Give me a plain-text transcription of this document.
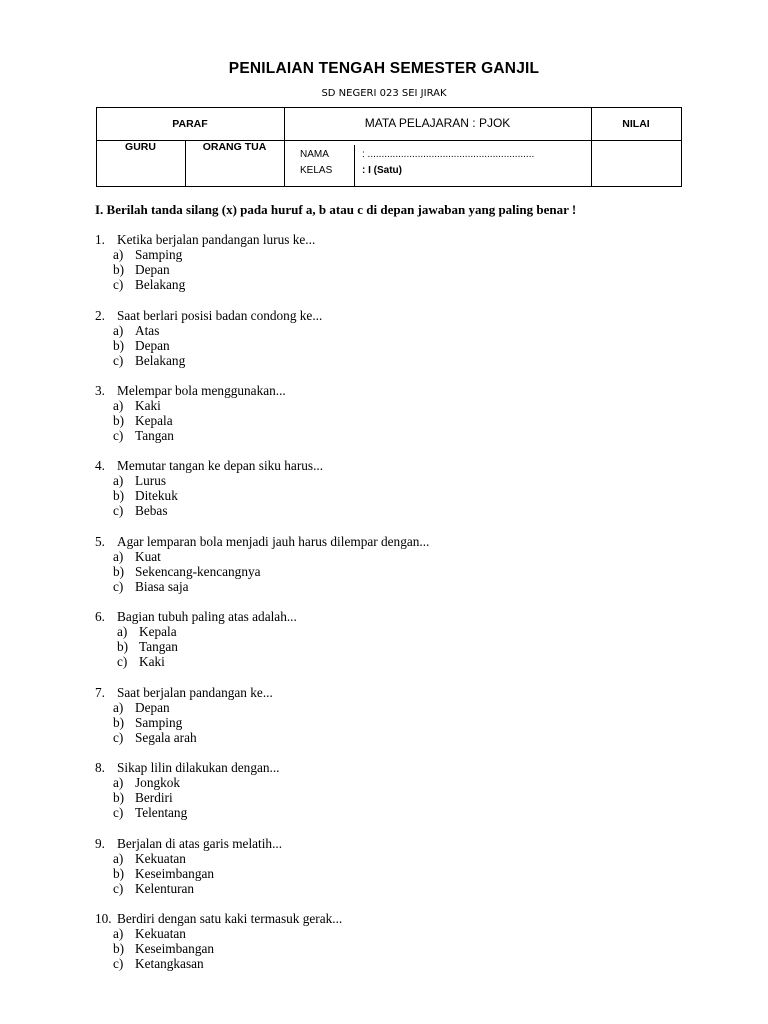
PENILAIAN TENGAH SEMESTER GANJIL
SD NEGERI 023 SEI JIRAK
PARAF	MATA PELAJARAN : PJOK	NILAI
GURU	ORANG TUA
NAMA	: ............................................................
KELAS	: I (Satu)
I. Berilah tanda silang (x) pada huruf a, b atau c di depan jawaban yang paling benar !
1. Ketika berjalan pandangan lurus ke...
a) Samping
b) Depan
c) Belakang
2. Saat berlari posisi badan condong ke...
a) Atas
b) Depan
c) Belakang
3. Melempar bola menggunakan...
a) Kaki
b) Kepala
c) Tangan
4. Memutar tangan ke depan siku harus...
a) Lurus
b) Ditekuk
c) Bebas
5. Agar lemparan bola menjadi jauh harus dilempar dengan...
a) Kuat
b) Sekencang-kencangnya
c) Biasa saja
6. Bagian tubuh paling atas adalah...
a) Kepala
b) Tangan
c) Kaki
7. Saat berjalan pandangan ke...
a) Depan
b) Samping
c) Segala arah
8. Sikap lilin dilakukan dengan...
a) Jongkok
b) Berdiri
c) Telentang
9. Berjalan di atas garis melatih...
a) Kekuatan
b) Keseimbangan
c) Kelenturan
10. Berdiri dengan satu kaki termasuk gerak...
a) Kekuatan
b) Keseimbangan
c) Ketangkasan
